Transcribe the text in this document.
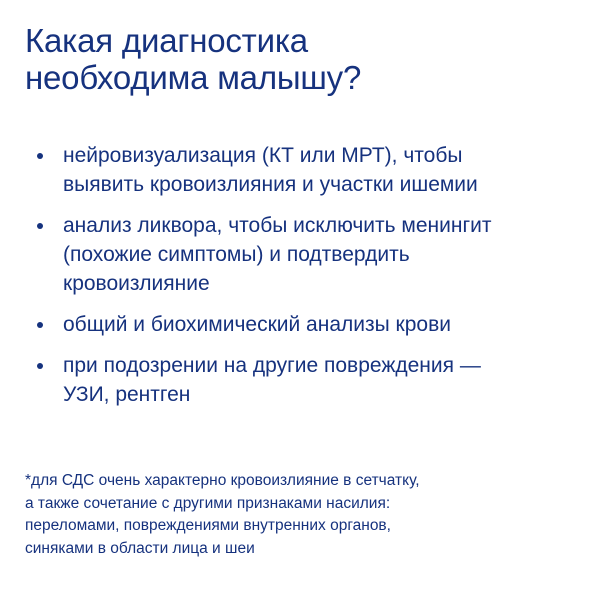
Какая диагностика
необходима малышу?
нейровизуализация (КТ или МРТ), чтобы
выявить кровоизлияния и участки ишемии
анализ ликвора, чтобы исключить менингит
(похожие симптомы) и подтвердить
кровоизлияние
общий и биохимический анализы крови
при подозрении на другие повреждения —
УЗИ, рентген
*для СДС очень характерно кровоизлияние в сетчатку,
а также сочетание с другими признаками насилия:
переломами, повреждениями внутренних органов,
синяками в области лица и шеи
